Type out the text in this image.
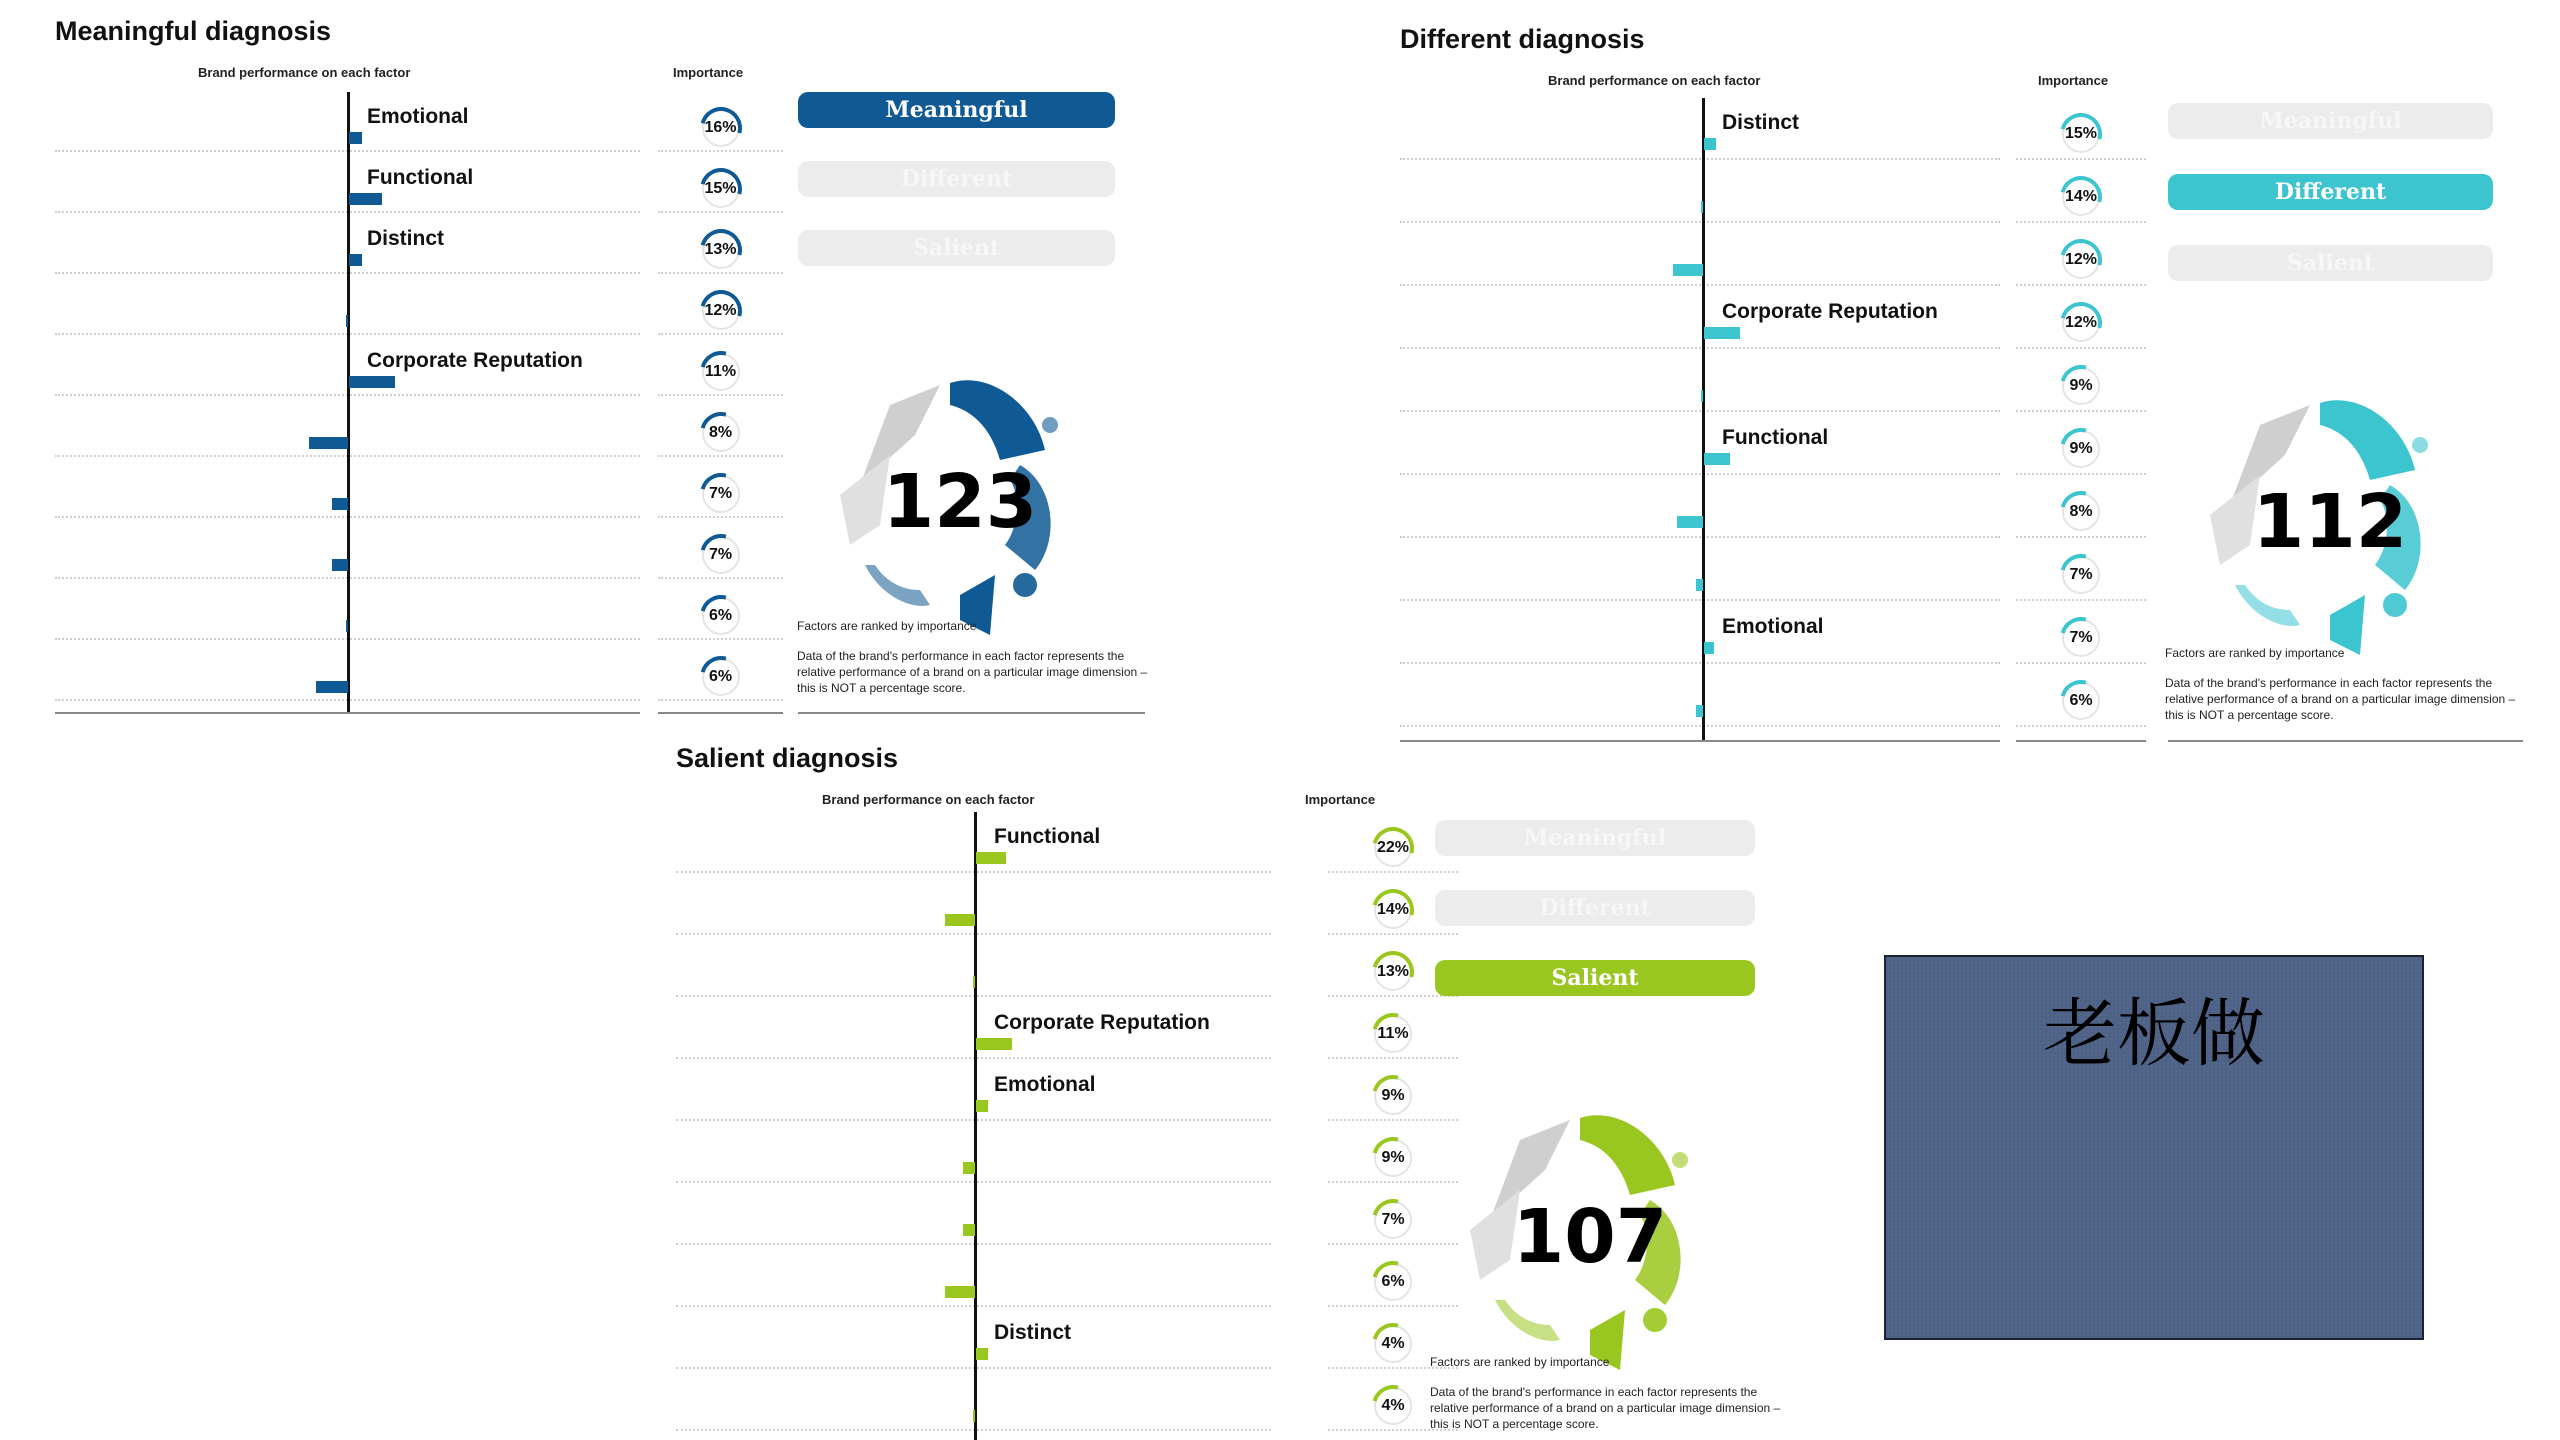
Meaningful diagnosis
Brand performance on each factor	Importance
Emotional	16%
Functional	15%
Distinct	13%
12%
Corporate Reputation	11%
8%
7%
7%
6%
6%
Meaningful
Different
Salient
123
Factors are ranked by importance
Data of the brand's performance in each factor represents the relative performance of a brand on a particular image dimension – this is NOT a percentage score.
Different diagnosis
Brand performance on each factor	Importance
Distinct	15%
14%
12%
Corporate Reputation	12%
9%
Functional	9%
8%
7%
Emotional	7%
6%
Meaningful
Different
Salient
112
Factors are ranked by importance
Data of the brand's performance in each factor represents the relative performance of a brand on a particular image dimension – this is NOT a percentage score.
Salient diagnosis
Brand performance on each factor	Importance
Functional	22%
14%
13%
Corporate Reputation	11%
Emotional	9%
9%
7%
6%
Distinct	4%
4%
Meaningful
Different
Salient
107
Factors are ranked by importance
Data of the brand's performance in each factor represents the relative performance of a brand on a particular image dimension – this is NOT a percentage score.
老板做
